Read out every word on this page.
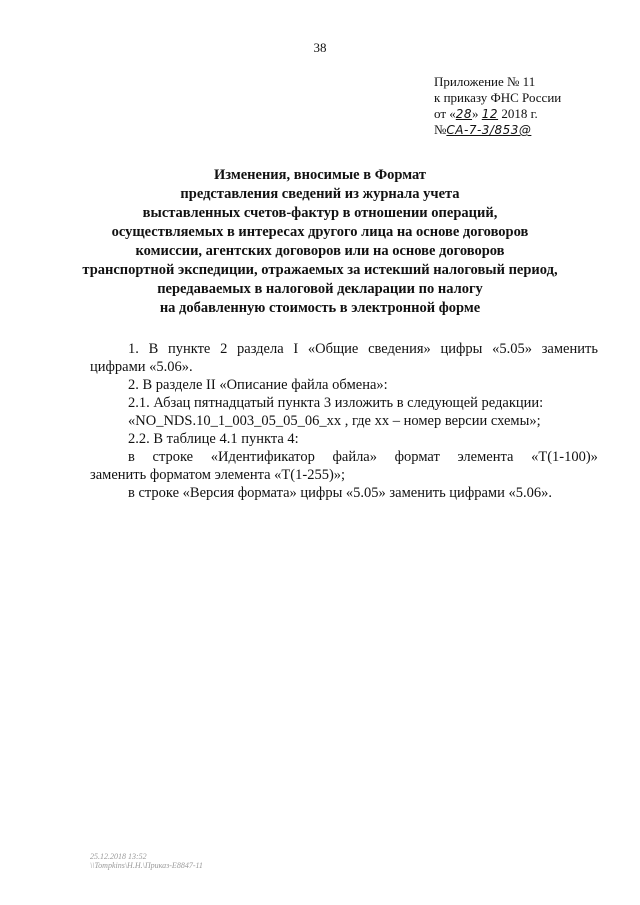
38
Приложение № 11
к приказу ФНС России
от «28» 12 2018 г.
№СА-7-3/853@
Изменения, вносимые в Формат
представления сведений из журнала учета
выставленных счетов-фактур в отношении операций,
осуществляемых в интересах другого лица на основе договоров
комиссии, агентских договоров или на основе договоров
транспортной экспедиции, отражаемых за истекший налоговый период,
передаваемых в налоговой декларации по налогу
на добавленную стоимость в электронной форме
1. В пункте 2 раздела I «Общие сведения» цифры «5.05» заменить

цифрами «5.06».

2. В разделе II «Описание файла обмена»:

2.1. Абзац пятнадцатый пункта 3 изложить в следующей редакции:

«NO_NDS.10_1_003_05_05_06_xx , где xx – номер версии схемы»;

2.2. В таблице 4.1 пункта 4:

в строке «Идентификатор файла» формат элемента «T(1-100)»

заменить форматом элемента «T(1-255)»;

в строке «Версия формата» цифры «5.05» заменить цифрами «5.06».

25.12.2018 13:52
\\Tompkins\H.H.\Приказ-E8847-11
